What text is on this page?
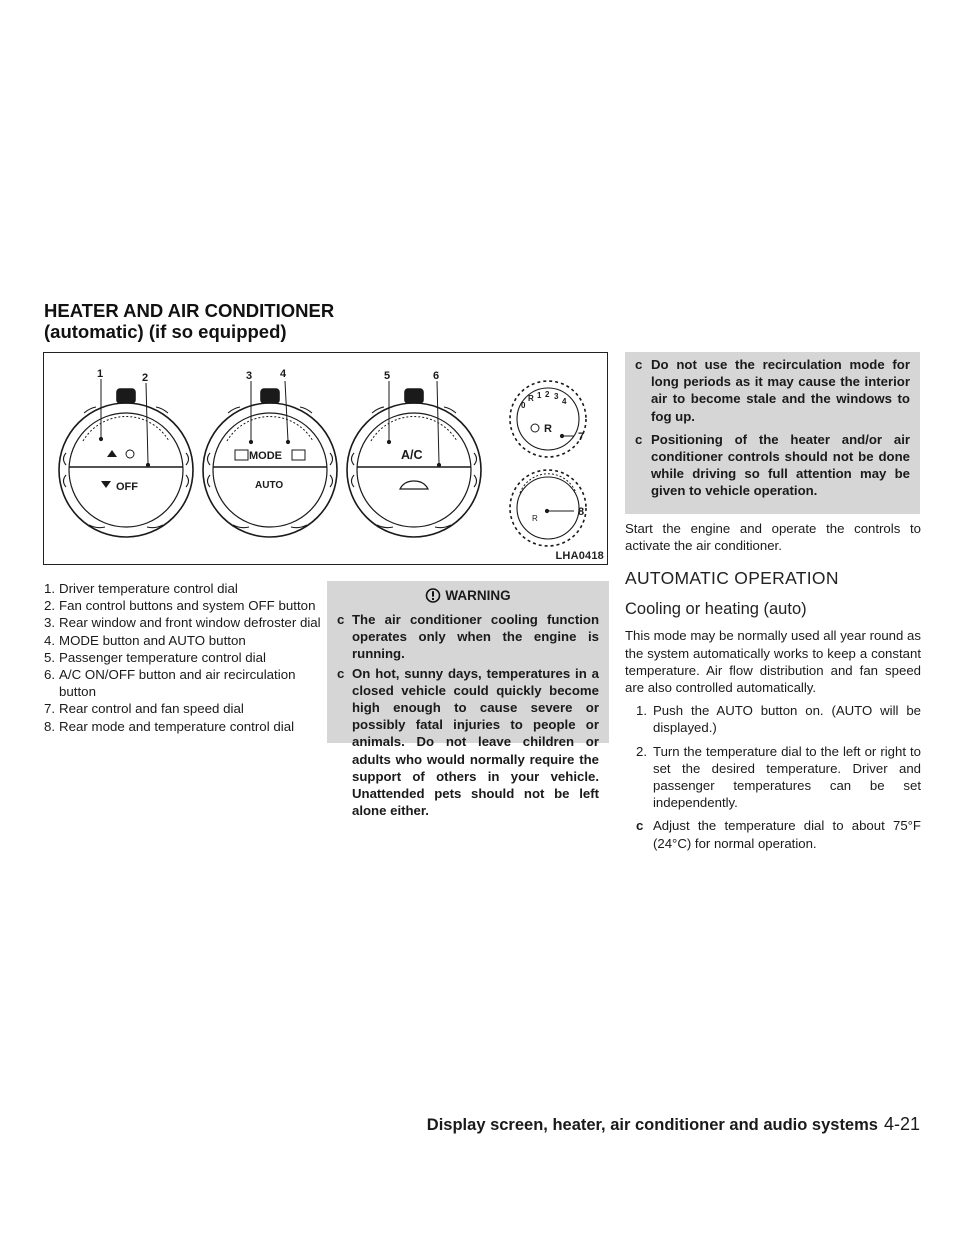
HEATER AND AIR CONDITIONER
(automatic) (if so equipped)
1	2	3	4	5	6
7
8
OFF
MODE
AUTO
A/C
0
R 1 2 3
4
R
R
LHA0418
1. Driver temperature control dial
2. Fan control buttons and system OFF button
3. Rear window and front window defroster dial
4. MODE button and AUTO button
5. Passenger temperature control dial
6. A/C ON/OFF button and air recirculation button
7. Rear control and fan speed dial
8. Rear mode and temperature control dial
WARNING
c The air conditioner cooling function operates only when the engine is running.
c On hot, sunny days, temperatures in a closed vehicle could quickly become high enough to cause severe or possibly fatal injuries to people or animals. Do not leave children or adults who would normally require the support of others in your vehicle. Unattended pets should not be left alone either.
c Do not use the recirculation mode for long periods as it may cause the interior air to become stale and the windows to fog up.
c Positioning of the heater and/or air conditioner controls should not be done while driving so full attention may be given to vehicle operation.

Start the engine and operate the controls to activate the air conditioner.

AUTOMATIC OPERATION
Cooling or heating (auto)

This mode may be normally used all year round as the system automatically works to keep a constant temperature. Air flow distribution and fan speed are also controlled automatically.

1. Push the AUTO button on. (AUTO will be displayed.)
2. Turn the temperature dial to the left or right to set the desired temperature. Driver and passenger temperatures can be set independently.
c Adjust the temperature dial to about 75°F (24°C) for normal operation.
Display screen, heater, air conditioner and audio systems 4-21
